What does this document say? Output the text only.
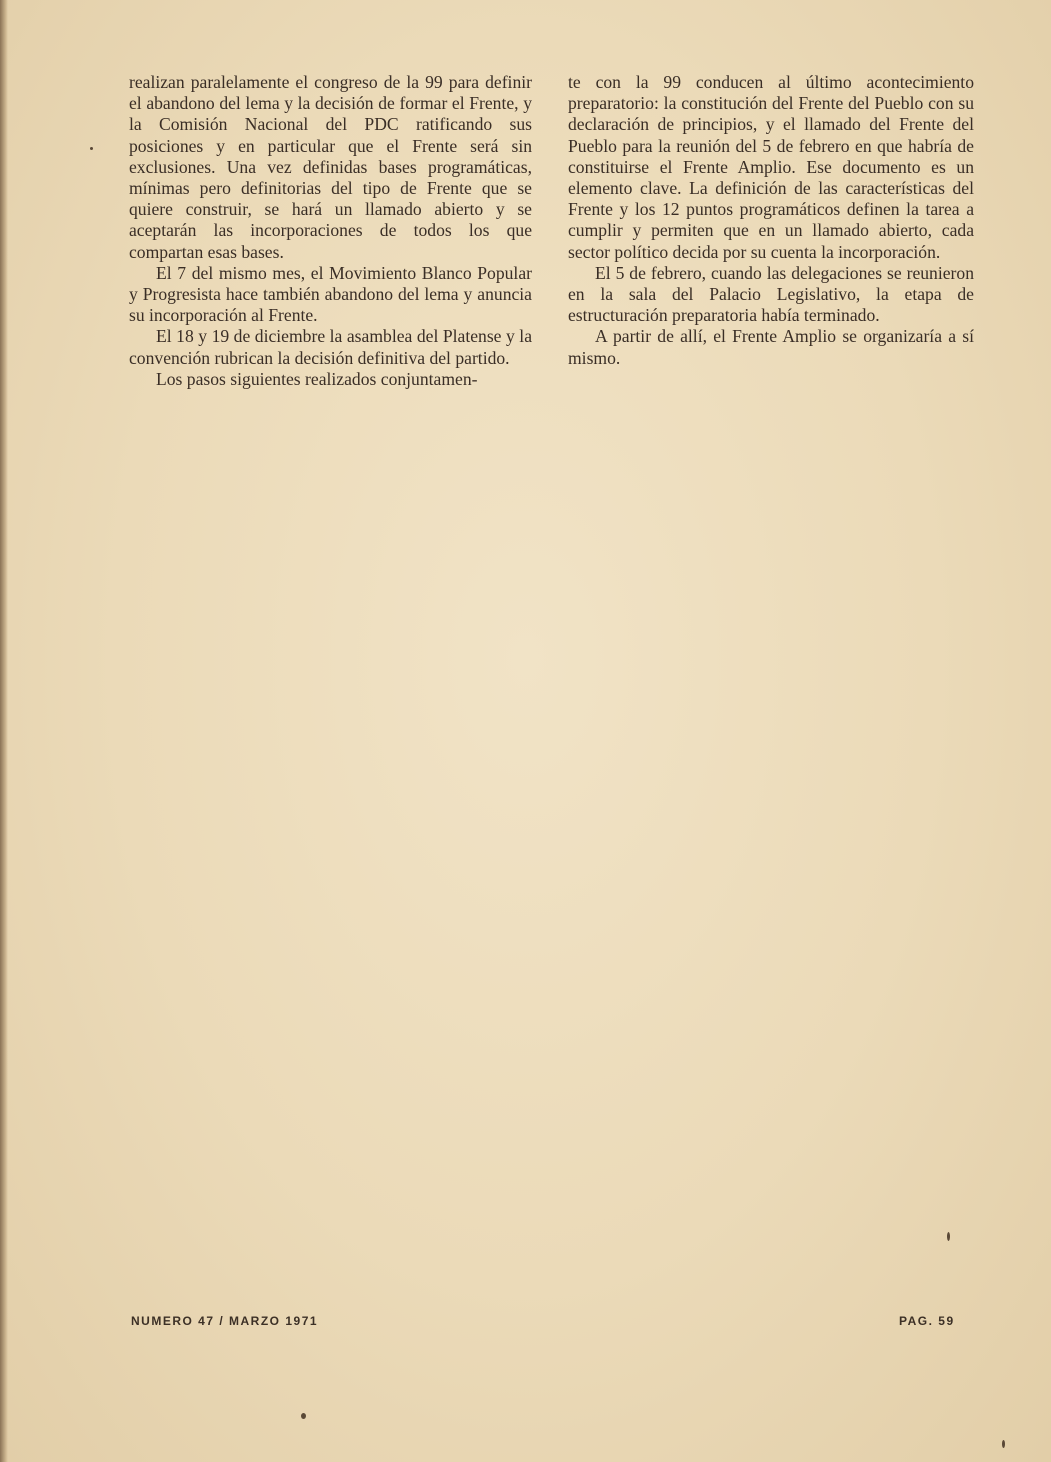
realizan paralelamente el congreso de la 99 para definir el abandono del lema y la decisión de formar el Frente, y la Comisión Nacional del PDC ratificando sus posiciones y en particular que el Frente será sin exclusiones. Una vez definidas bases programáticas, mínimas pero definitorias del tipo de Frente que se quiere construir, se hará un llamado abierto y se aceptarán las incorporaciones de todos los que compartan esas bases.

El 7 del mismo mes, el Movimiento Blanco Popular y Progresista hace también abandono del lema y anuncia su incorporación al Frente.

El 18 y 19 de diciembre la asamblea del Platense y la convención rubrican la decisión definitiva del partido.

Los pasos siguientes realizados conjuntamen-

te con la 99 conducen al último acontecimiento preparatorio: la constitución del Frente del Pueblo con su declaración de principios, y el llamado del Frente del Pueblo para la reunión del 5 de febrero en que habría de constituirse el Frente Amplio. Ese documento es un elemento clave. La definición de las características del Frente y los 12 puntos programáticos definen la tarea a cumplir y permiten que en un llamado abierto, cada sector político decida por su cuenta la incorporación.

El 5 de febrero, cuando las delegaciones se reunieron en la sala del Palacio Legislativo, la etapa de estructuración preparatoria había terminado.

A partir de allí, el Frente Amplio se organizaría a sí mismo.

NUMERO 47 / MARZO 1971	PAG. 59
